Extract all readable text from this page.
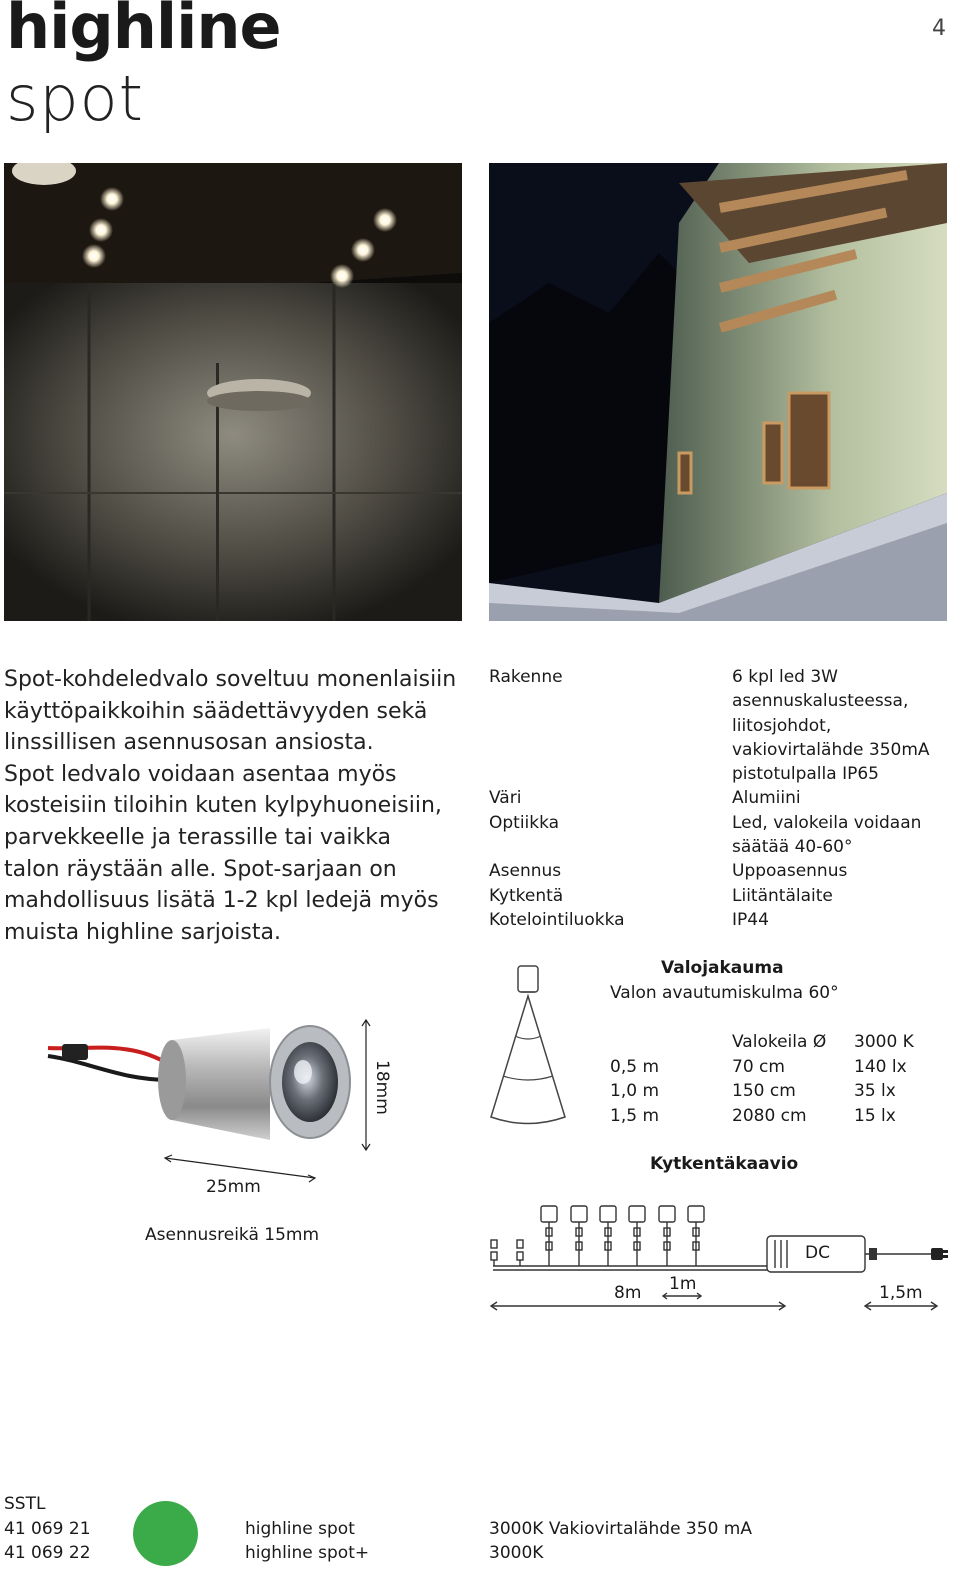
highline
spot
4
Spot-kohdeledvalo soveltuu monenlaisiin
käyttöpaikkoihin säädettävyyden sekä
linssillisen asennusosan ansiosta.
Spot ledvalo voidaan asentaa myös
kosteisiin tiloihin kuten kylpyhuoneisiin,
parvekkeelle ja terassille tai vaikka
talon räystään alle. Spot-sarjaan on
mahdollisuus lisätä 1-2 kpl ledejä myös
muista highline sarjoista.
Rakenne

Väri
Optiikka

Asennus
Kytkentä
Kotelointiluokka
6 kpl led 3W
asennuskalusteessa,
liitosjohdot,
vakiovirtalähde 350mA
pistotulpalla IP65
Alumiini
Led, valokeila voidaan
säätää 40-60°
Uppoasennus
Liitäntälaite
IP44
Valojakauma
Valon avautumiskulma 60°
Valokeila Ø 3000 K
0,5 m
1,0 m
1,5 m
70 cm
150 cm
2080 cm
140 lx
35 lx
15 lx
18mm
25mm
Asennusreikä 15mm
Kytkentäkaavio
DC
8m 1m	1,5m
SSTL
41 069 21
41 069 22
highline spot
highline spot+
3000K Vakiovirtalähde 350 mA
3000K
